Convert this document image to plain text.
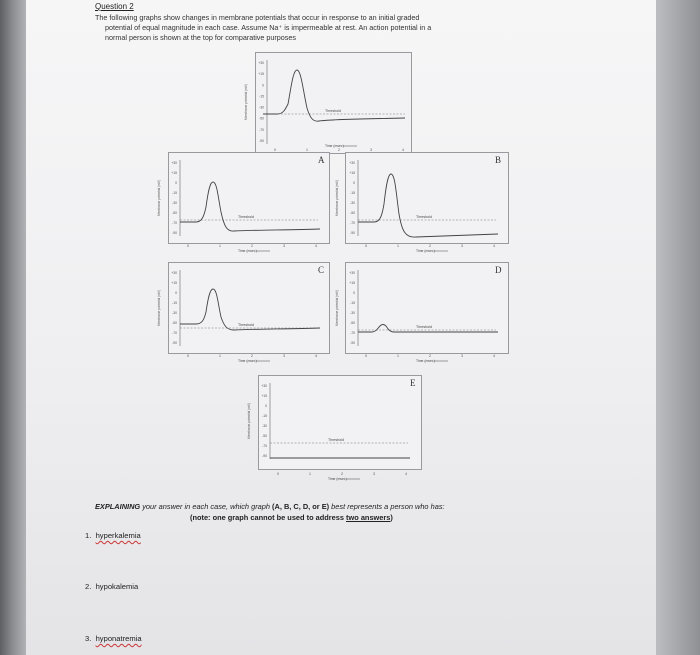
Question 2
The following graphs show changes in membrane potentials that occur in response to an initial graded
potential of equal magnitude in each case. Assume Na⁺ is impermeable at rest. An action potential in a
normal person is shown at the top for comparative purposes
+30
+15
0
-15
-30
-50
-70
-90
Membrane potential (mV)	Threshold
0	1	2	3	4
Time (msec)
+30
+15
0
-15
-30
-50
-70
-90
Membrane potential (mV)
Threshold
0	1	2	3	4
Time (msec)
A	+30
+15
0
-15
-30
-50
-70
-90
Membrane potential (mV)
Threshold
0	1	2	3	4
Time (msec)
B
+30
+15
0
-15
-30
-50
-70
-90
Membrane potential (mV)	Threshold
0	1	2	3	4
Time (msec)
C	+30
+15
0
-15
-30
-50
-70
-90
Membrane potential (mV)
Threshold
0	1	2	3	4
Time (msec)
D
+30
+15
0
-15
-30
-50
-70
-90
Membrane potential (mV)
Threshold
0	1	2	3	4
Time (msec)
E
EXPLAINING your answer in each case, which graph (A, B, C, D, or E) best represents a person who has:
(note: one graph cannot be used to address two answers)
1. hyperkalemia
2. hypokalemia
3. hyponatremia
